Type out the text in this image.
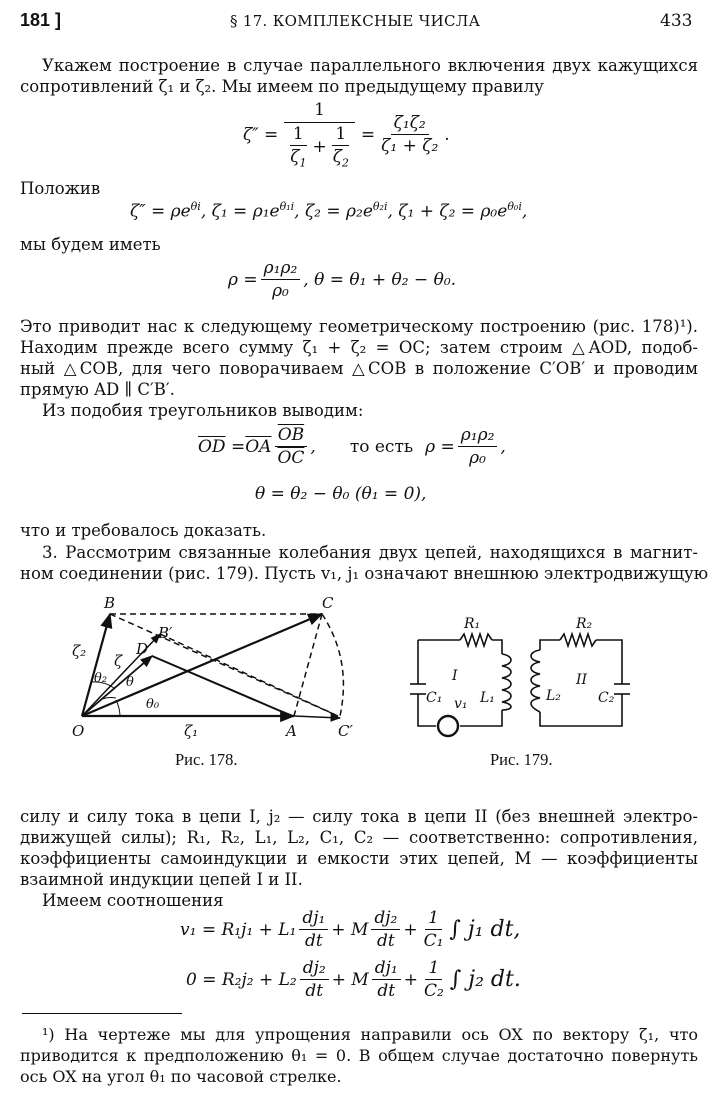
181 ]	§ 17. КОМПЛЕКСНЫЕ ЧИСЛА	433
Укажем построение в случае параллельного включения двух кажущихся
сопротивлений ζ₁ и ζ₂. Мы имеем по предыдущему правилу
$\zeta'' = \frac{1}{\frac{1}{\zeta_1} + \frac{1}{\zeta_2}} = \frac{\text{ζ₁ζ₂}}{\text{ζ₁ + ζ₂}}$ .
Положив
$\zeta'' = \rho e^{\theta i}$, $\zeta_1 = \rho_1e^{\theta_1i}$, $\zeta_2 = \rho_2e^{\theta_2i}$, $\zeta_1 + \zeta_2 = \rho_0e^{\theta_0i}$,
мы будем иметь
$\rho = \frac{\text{ρ₁ρ₂}}{\text{ρ₀}}$ , θ = θ₁ + θ₂ − θ₀.
Это приводит нас к следующему геометрическому построению (рис. 178)¹).
Находим прежде всего сумму ζ₁ + ζ₂ = OC; затем строим △AOD, подоб-
ный △COB, для чего поворачиваем △COB в положение C′OB′ и проводим
прямую AD ∥ C′B′.
Из подобия треугольников выводим:
$\overline{OD}$
= $\overline{OA} \frac{\overline{OB}}{OC}$ , то есть $\rho = \frac{\text{ρ₁ρ₂}}{\text{ρ₀}}$ ,
θ = θ₂ − θ₀ (θ₁ = 0),
что и требовалось доказать.
3. Рассмотрим связанные колебания двух цепей, находящихся в магнит-
ном соединении (рис. 179). Пусть v₁, j₁ означают внешнюю электродвижущую
B	C
B′
D
ζ₂
ζ
θ₂ θ
θ₀
O	ζ₁	A	C′
R₁
I
C₁ v₁ L₁
R₂
II
L₂	C₂
Рис. 178.	Рис. 179.
силу и силу тока в цепи I, j₂ — силу тока в цепи II (без внешней электро-
движущей силы); R₁, R₂, L₁, L₂, C₁, C₂ — соответственно: сопротивления,
коэффициенты самоиндукции и емкости этих цепей, M — коэффициенты
взаимной индукции цепей I и II.
Имеем соотношения
$v_1 = R_1j_1 + L_1 \frac{\text{dj₁}}{dt} + M \frac{\text{dj₂}}{dt} + \frac{1}{\text{C₁}}$ ∫ j₁ dt,
$0 = R_2j_2 + L_2 \frac{\text{dj₂}}{dt} + M \frac{\text{dj₁}}{dt} + \frac{1}{\text{C₂}}$ ∫ j₂ dt.
¹) На чертеже мы для упрощения направили ось OX по вектору ζ₁, что
приводится к предположению θ₁ = 0. В общем случае достаточно повернуть
ось OX на угол θ₁ по часовой стрелке.
